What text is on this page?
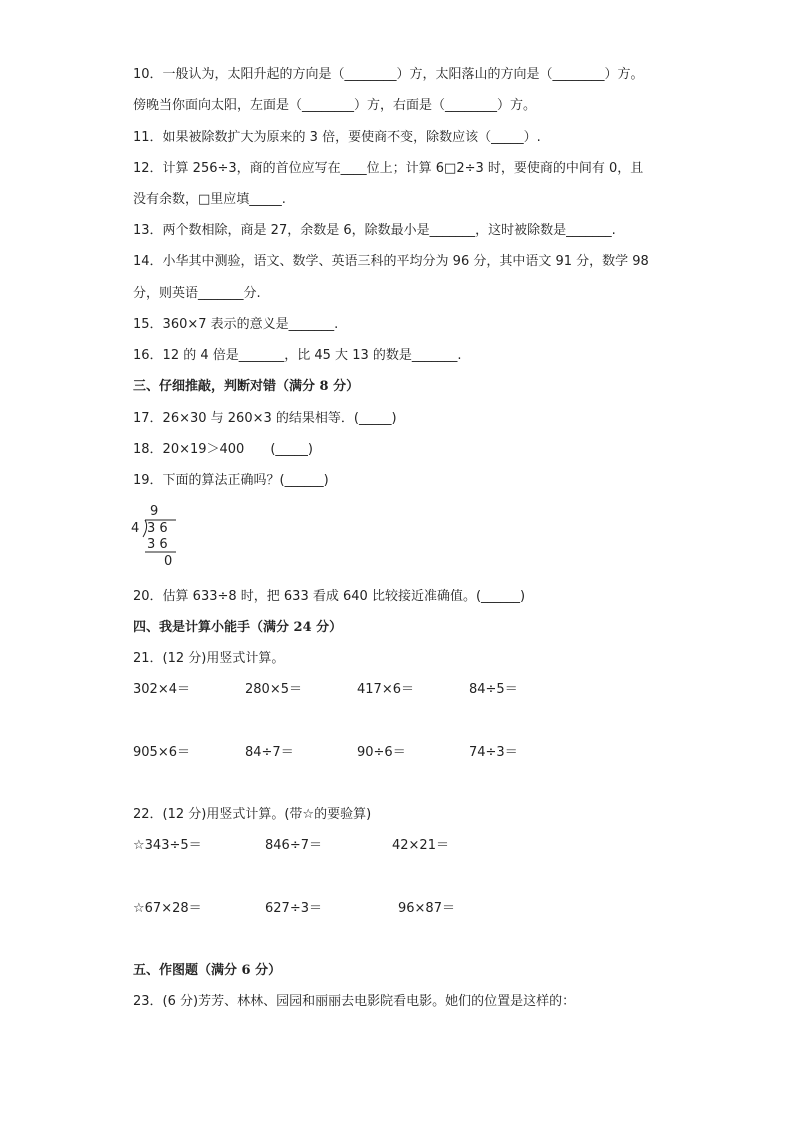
10．一般认为，太阳升起的方向是（________）方，太阳落山的方向是（________）方。
傍晚当你面向太阳，左面是（________）方，右面是（________）方。
11．如果被除数扩大为原来的 3 倍，要使商不变，除数应该（_____）.
12．计算 256÷3，商的首位应写在____位上；计算 6□2÷3 时，要使商的中间有 0，且
没有余数，□里应填_____.
13．两个数相除，商是 27，余数是 6，除数最小是_______，这时被除数是_______.
14．小华其中测验，语文、数学、英语三科的平均分为 96 分，其中语文 91 分，数学 98
分，则英语_______分.
15．360×7 表示的意义是_______.
16．12 的 4 倍是_______，比 45 大 13 的数是_______.
三、仔细推敲，判断对错（满分 8 分）
17．26×30 与 260×3 的结果相等．(_____)
18．20×19＞400　　(_____)
19．下面的算法正确吗？(______)
9
4 3 6
3 6
0
20．估算 633÷8 时，把 633 看成 640 比较接近准确值。(______)
四、我是计算小能手（满分 24 分）
21．(12 分)用竖式计算。
302×4＝	280×5＝	417×6＝	84÷5＝
905×6＝	84÷7＝	90÷6＝	74÷3＝
22．(12 分)用竖式计算。(带☆的要验算)
☆343÷5＝	846÷7＝	42×21＝
☆67×28＝	627÷3＝	96×87＝
五、作图题（满分 6 分）
23．(6 分)芳芳、林林、园园和丽丽去电影院看电影。她们的位置是这样的：
